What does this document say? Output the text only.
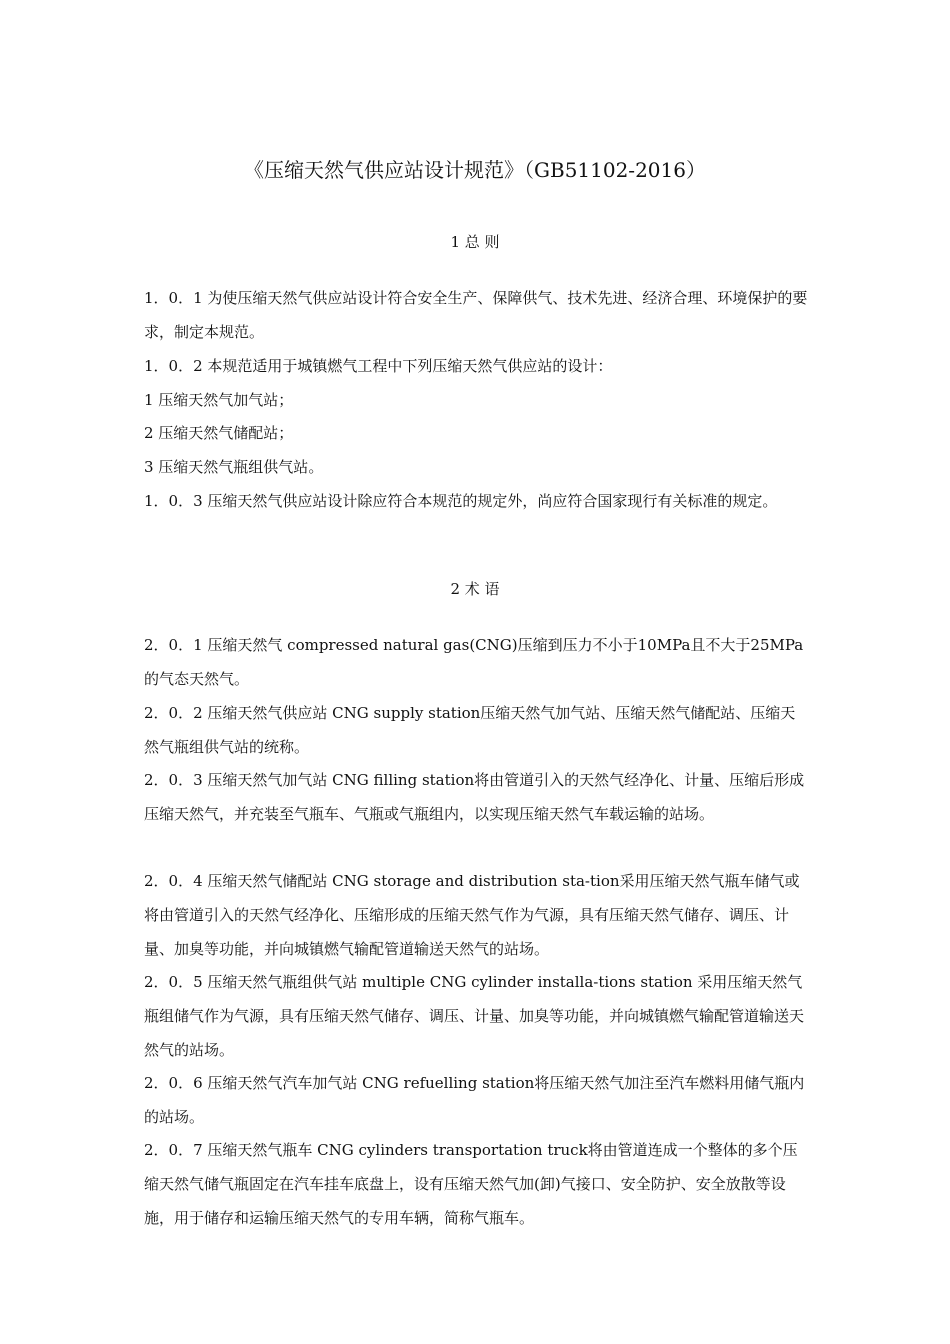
《压缩天然气供应站设计规范》（GB51102-2016）
1 总 则

1．0．1 为使压缩天然气供应站设计符合安全生产、保障供气、技术先进、经济合理、环境保护的要求，制定本规范。

1．0．2 本规范适用于城镇燃气工程中下列压缩天然气供应站的设计：

1 压缩天然气加气站；

2 压缩天然气储配站；

3 压缩天然气瓶组供气站。

1．0．3 压缩天然气供应站设计除应符合本规范的规定外，尚应符合国家现行有关标准的规定。

2 术 语

2．0．1 压缩天然气 compressed natural gas(CNG)压缩到压力不小于10MPa且不大于25MPa的气态天然气。

2．0．2 压缩天然气供应站 CNG supply station压缩天然气加气站、压缩天然气储配站、压缩天然气瓶组供气站的统称。

2．0．3 压缩天然气加气站 CNG filling station将由管道引入的天然气经净化、计量、压缩后形成压缩天然气，并充装至气瓶车、气瓶或气瓶组内，以实现压缩天然气车载运输的站场。

2．0．4 压缩天然气储配站 CNG storage and distribution sta-tion采用压缩天然气瓶车储气或将由管道引入的天然气经净化、压缩形成的压缩天然气作为气源，具有压缩天然气储存、调压、计量、加臭等功能，并向城镇燃气输配管道输送天然气的站场。

2．0．5 压缩天然气瓶组供气站 multiple CNG cylinder installa-tions station 采用压缩天然气瓶组储气作为气源，具有压缩天然气储存、调压、计量、加臭等功能，并向城镇燃气输配管道输送天然气的站场。

2．0．6 压缩天然气汽车加气站 CNG refuelling station将压缩天然气加注至汽车燃料用储气瓶内的站场。

2．0．7 压缩天然气瓶车 CNG cylinders transportation truck将由管道连成一个整体的多个压缩天然气储气瓶固定在汽车挂车底盘上，设有压缩天然气加(卸)气接口、安全防护、安全放散等设施，用于储存和运输压缩天然气的专用车辆，简称气瓶车。
